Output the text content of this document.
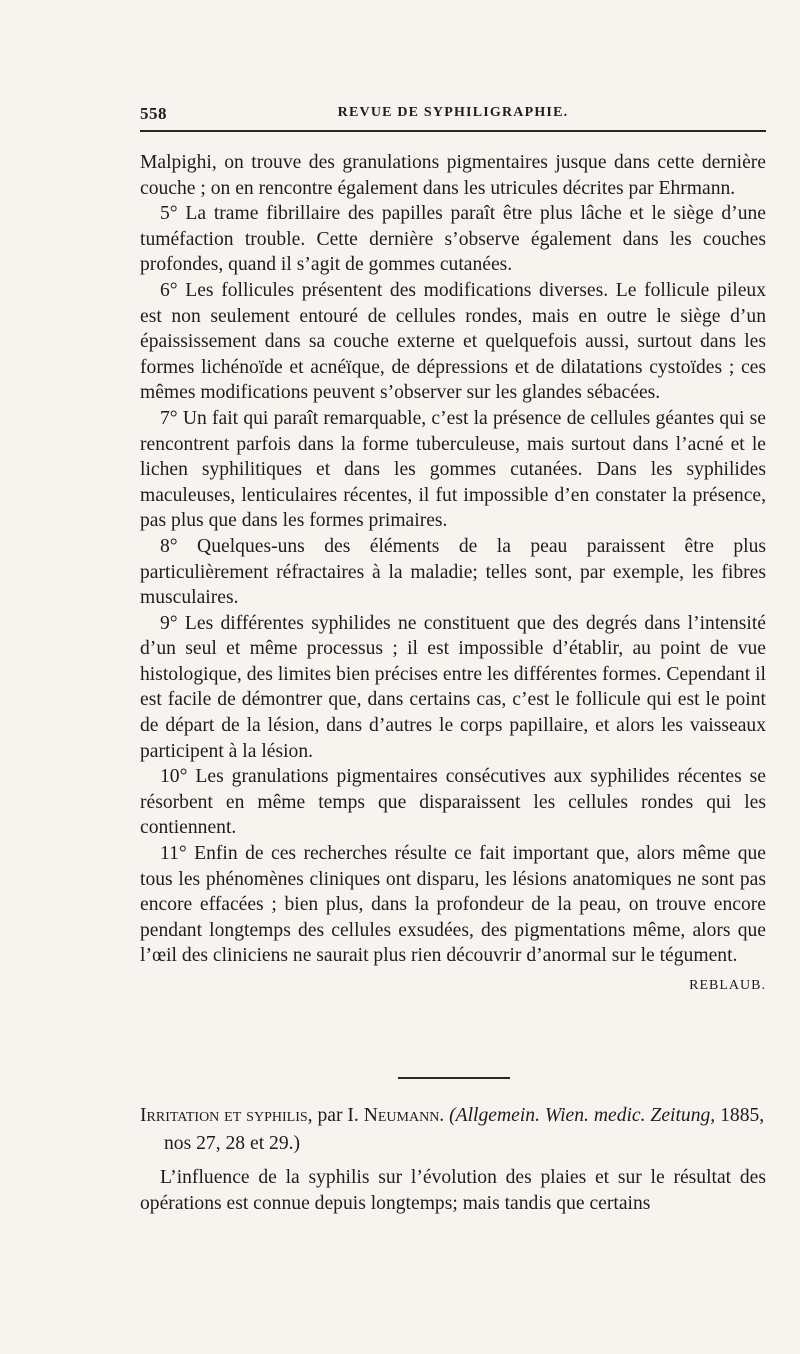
558	REVUE DE SYPHILIGRAPHIE.

Malpighi, on trouve des granulations pigmentaires jusque dans cette dernière couche ; on en rencontre également dans les utricules décrites par Ehrmann.

5° La trame fibrillaire des papilles paraît être plus lâche et le siège d’une tuméfaction trouble. Cette dernière s’observe également dans les couches profondes, quand il s’agit de gommes cutanées.

6° Les follicules présentent des modifications diverses. Le follicule pileux est non seulement entouré de cellules rondes, mais en outre le siège d’un épaississement dans sa couche externe et quelquefois aussi, surtout dans les formes lichénoïde et acnéïque, de dépressions et de dilatations cystoïdes ; ces mêmes modifications peuvent s’observer sur les glandes sébacées.

7° Un fait qui paraît remarquable, c’est la présence de cellules géantes qui se rencontrent parfois dans la forme tuberculeuse, mais surtout dans l’acné et le lichen syphilitiques et dans les gommes cutanées. Dans les syphilides maculeuses, lenticulaires récentes, il fut impossible d’en constater la présence, pas plus que dans les formes primaires.

8° Quelques-uns des éléments de la peau paraissent être plus particulièrement réfractaires à la maladie; telles sont, par exemple, les fibres musculaires.

9° Les différentes syphilides ne constituent que des degrés dans l’intensité d’un seul et même processus ; il est impossible d’établir, au point de vue histologique, des limites bien précises entre les différentes formes. Cependant il est facile de démontrer que, dans certains cas, c’est le follicule qui est le point de départ de la lésion, dans d’autres le corps papillaire, et alors les vaisseaux participent à la lésion.

10° Les granulations pigmentaires consécutives aux syphilides récentes se résorbent en même temps que disparaissent les cellules rondes qui les contiennent.

11° Enfin de ces recherches résulte ce fait important que, alors même que tous les phénomènes cliniques ont disparu, les lésions anatomiques ne sont pas encore effacées ; bien plus, dans la profondeur de la peau, on trouve encore pendant longtemps des cellules exsudées, des pigmentations même, alors que l’œil des cliniciens ne saurait plus rien découvrir d’anormal sur le tégument.
REBLAUB.

Irritation et syphilis, par I. Neumann. (Allgemein. Wien. medic. Zeitung, 1885, nos 27, 28 et 29.)

L’influence de la syphilis sur l’évolution des plaies et sur le résultat des opérations est connue depuis longtemps; mais tandis que certains
